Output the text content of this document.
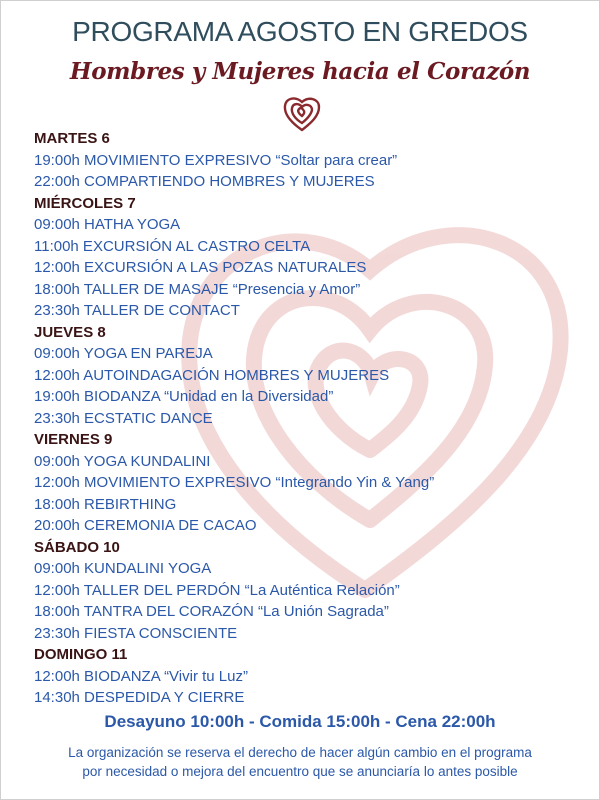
PROGRAMA AGOSTO EN GREDOS
Hombres y Mujeres hacia el Corazón
MARTES 6
19:00h MOVIMIENTO EXPRESIVO “Soltar para crear”
22:00h COMPARTIENDO HOMBRES Y MUJERES
MIÉRCOLES 7
09:00h HATHA YOGA
11:00h EXCURSIÓN AL CASTRO CELTA
12:00h EXCURSIÓN A LAS POZAS NATURALES
18:00h TALLER DE MASAJE “Presencia y Amor”
23:30h TALLER DE CONTACT
JUEVES 8
09:00h YOGA EN PAREJA
12:00h AUTOINDAGACIÓN HOMBRES Y MUJERES
19:00h BIODANZA “Unidad en la Diversidad”
23:30h ECSTATIC DANCE
VIERNES 9
09:00h YOGA KUNDALINI
12:00h MOVIMIENTO EXPRESIVO “Integrando Yin & Yang”
18:00h REBIRTHING
20:00h CEREMONIA DE CACAO
SÁBADO 10
09:00h KUNDALINI YOGA
12:00h TALLER DEL PERDÓN “La Auténtica Relación”
18:00h TANTRA DEL CORAZÓN “La Unión Sagrada”
23:30h FIESTA CONSCIENTE
DOMINGO 11
12:00h BIODANZA “Vivir tu Luz”
14:30h DESPEDIDA Y CIERRE
Desayuno 10:00h - Comida 15:00h - Cena 22:00h
La organización se reserva el derecho de hacer algún cambio en el programa
por necesidad o mejora del encuentro que se anunciaría lo antes posible
